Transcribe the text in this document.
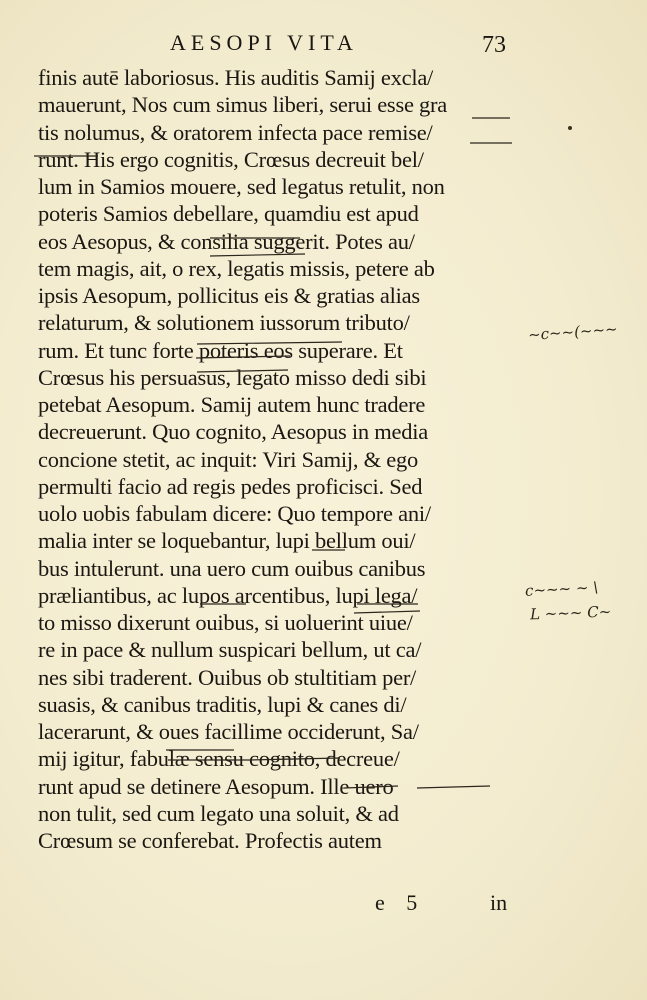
AESOPI VITA	73
finis autē laboriosus. His auditis Samij excla/
mauerunt, Nos cum simus liberi, serui esse gra
tis nolumus, & oratorem infecta pace remise/
runt. His ergo cognitis, Crœsus decreuit bel/
lum in Samios mouere, sed legatus retulit, non
poteris Samios debellare, quamdiu est apud
eos Aesopus, & consilia suggerit. Potes au/
tem magis, ait, o rex, legatis missis, petere ab
ipsis Aesopum, pollicitus eis & gratias alias
relaturum, & solutionem iussorum tributo/
rum. Et tunc forte poteris eos superare. Et
Crœsus his persuasus, legato misso dedi sibi
petebat Aesopum. Samij autem hunc tradere
decreuerunt. Quo cognito, Aesopus in media
concione stetit, ac inquit: Viri Samij, & ego
permulti facio ad regis pedes proficisci. Sed
uolo uobis fabulam dicere: Quo tempore ani/
malia inter se loquebantur, lupi bellum oui/
bus intulerunt. una uero cum ouibus canibus
præliantibus, ac lupos arcentibus, lupi lega/
to misso dixerunt ouibus, si uoluerint uiue/
re in pace & nullum suspicari bellum, ut ca/
nes sibi traderent. Ouibus ob stultitiam per/
suasis, & canibus traditis, lupi & canes di/
lacerarunt, & oues facillime occiderunt, Sa/
mij igitur, fabulæ sensu cognito, decreue/
runt apud se detinere Aesopum. Ille uero
non tulit, sed cum legato una soluit, & ad
Crœsum se conferebat. Profectis autem
e 5	in
~c~~(~~~
c~~~ ~ \
L ~~~ C~
